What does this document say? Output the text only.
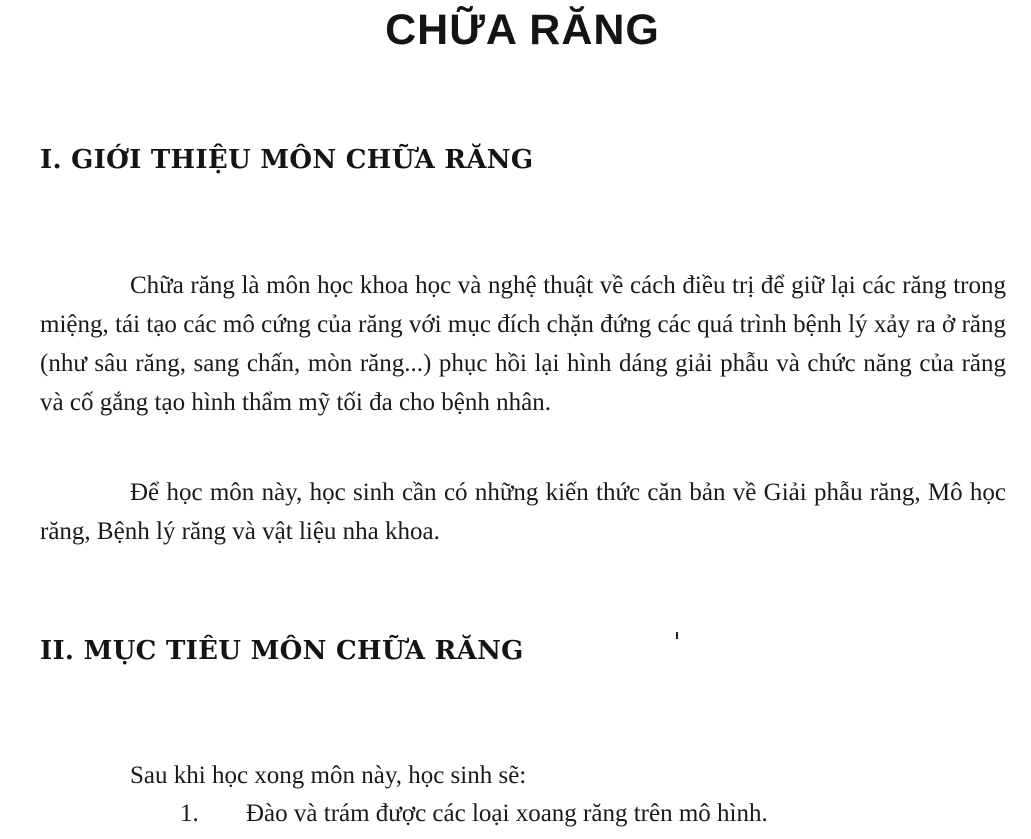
CHỮA RĂNG
I. GIỚI THIỆU MÔN CHỮA RĂNG

Chữa răng là môn học khoa học và nghệ thuật về cách điều trị để giữ lại các răng trong miệng, tái tạo các mô cứng của răng với mục đích chặn đứng các quá trình bệnh lý xảy ra ở răng (như sâu răng, sang chấn, mòn răng...) phục hồi lại hình dáng giải phẫu và chức năng của răng và cố gắng tạo hình thẩm mỹ tối đa cho bệnh nhân.

Để học môn này, học sinh cần có những kiến thức căn bản về Giải phẫu răng, Mô học răng, Bệnh lý răng và vật liệu nha khoa.

II. MỤC TIÊU MÔN CHỮA RĂNG

Sau khi học xong môn này, học sinh sẽ:

1.	Đào và trám được các loại xoang răng trên mô hình.
